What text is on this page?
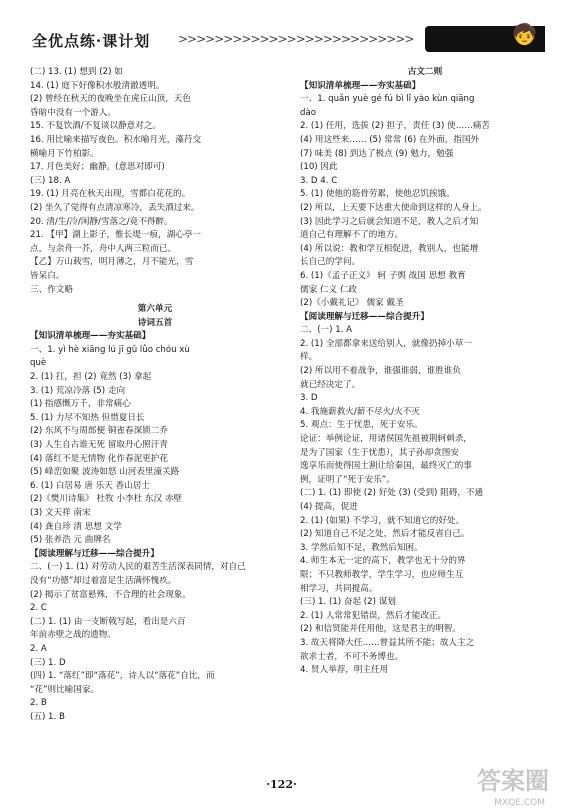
全优点练·课计划 >>>>>>>>>>>>>>>>>>>>>>>>>>	🧒
(二) 13. (1) 想到 (2) 如
14. (1) 庭下好像积水般清澈透明。
(2) 曾经在秋天的夜晚坐在虎丘山顶，天色
昏暗中没有一个游人。
15. 不复饮酒/不复谈以静意对之。
16. 用比喻来描写夜色。积水喻月光，藻荇交
横喻月下竹柏影。
17. 月色美好；幽静。(意思对即可)
(三) 18. A
19. (1) 月亮在秋天出现，雪都白花花的。
(2) 坐久了觉得有点清凉寒冷，丢失酒过来。
20. 清/生/冷/闲静/雪落之/竟不得醉。
21. 【甲】湖上影子，惟长堤一痕，湖心亭一
点，与余舟一芥，舟中人两三粒而已。
【乙】万山载雪，明月薄之，月不能光，雪
皆呆白。
三、作文略
第六单元
诗词五首
【知识清单梳理——夯实基础】
一、1. yì hè xiāng lú jī gǔ lǜo chóu xù
què
2. (1) 扛，担 (2) 竟然 (3) 拿起
3. (1) 荒凉冷落 (5) 走向
(1) 指感慨万千，非常痛心
5. (1) 力尽不知热 但惜夏日长
(2) 东风不与周郎便 铜雀春深锁二乔
(3) 人生自古谁无死 留取丹心照汗青
(4) 落红不是无情物 化作春泥更护花
(5) 峰峦如聚 波涛如怒 山河表里潼关路
6. (1) 白居易 唐 乐天 香山居士
(2)《樊川诗集》 杜牧 小李杜 东汉 赤壁
(3) 文天祥 南宋
(4) 龚自珍 清 思想 文学
(5) 张养浩 元 曲牌名
【阅读理解与迁移——综合提升】
二、(一) 1. (1) 对劳动人民的艰苦生活深表同情，对自己
没有“功德”却过着富足生活满怀愧疚。
(2) 揭示了贫富悬殊，不合理的社会现象。
2. C
(二) 1. (1) 由一支断戟写起，看出是六百
年前赤壁之战的遗物。
2. A
(三) 1. D
(四) 1. “落红”即“落花”，诗人以“落花”自比，而
“花”则比喻国家。
2. B
(五) 1. B
古文二则
【知识清单梳理——夯实基础】
一、1. quǎn yuè gé fú bì lǐ yào kùn qiāng
dào
2. (1) 任用，选拔 (2) 担子，责任 (3) 使……痛苦
(4) 用这些来…… (5) 常常 (6) 在外面，指国外
(7) 味美 (8) 到达了极点 (9) 勉力，勉强
(10) 因此
3. D 4. C
5. (1) 使他的筋骨劳累，使他忍饥挨饿。
(2) 所以，上天要下达重大使命到这样的人身上。
(3) 因此学习之后就会知道不足，教人之后才知
道自己有理解不了的地方。
(4) 所以说：教和学互相促进，教别人，也能增
长自己的学问。
6. (1)《孟子正义》 轲 子舆 战国 思想 教育
儒家 仁义 仁政
(2)《小戴礼记》 儒家 戴圣
【阅读理解与迁移——综合提升】
二、(一) 1. A
2. (1) 全部都拿来送给别人，就像扔掉小草一
样。
(2) 所以用不着战争，谁强谁弱，谁胜谁负
就已经决定了。
3. D
4. 我施薪救火/薪不尽火/火不灭
5. 观点：生于忧患，死于安乐。
论证：举例论证，用诸侯国先祖被荆轲刺杀，
是为了国家（生于忧患），其子孙却贪图安
逸享乐而使得国土割让给秦国，最终灭亡的事
例，证明了“死于安乐”。
(二) 1. (1) 即使 (2) 好处 (3) (受到) 阻碍，不通
(4) 提高，促进
2. (1) (如果) 不学习，就不知道它的好处。
(2) 知道自己不足之处，然后才能反省自己。
3. 学然后知不足，教然后知困。
4. 师生本无一定的高下，教学也无十分的界
限；不只教师教学，学生学习，也应师生互
相学习，共同提高。
(三) 1. (1) 奋起 (2) 谋划
2. (1) 人常常犯错误，然后才能改正。
(2) 和信贤能并任用他，这是君主的明智。
3. 故天将降大任……曾益其所不能；故人主之
欲求士者，不可不务博也。
4. 贤人举荐，明主任用
·122·	答案圈
MXQE.COM
